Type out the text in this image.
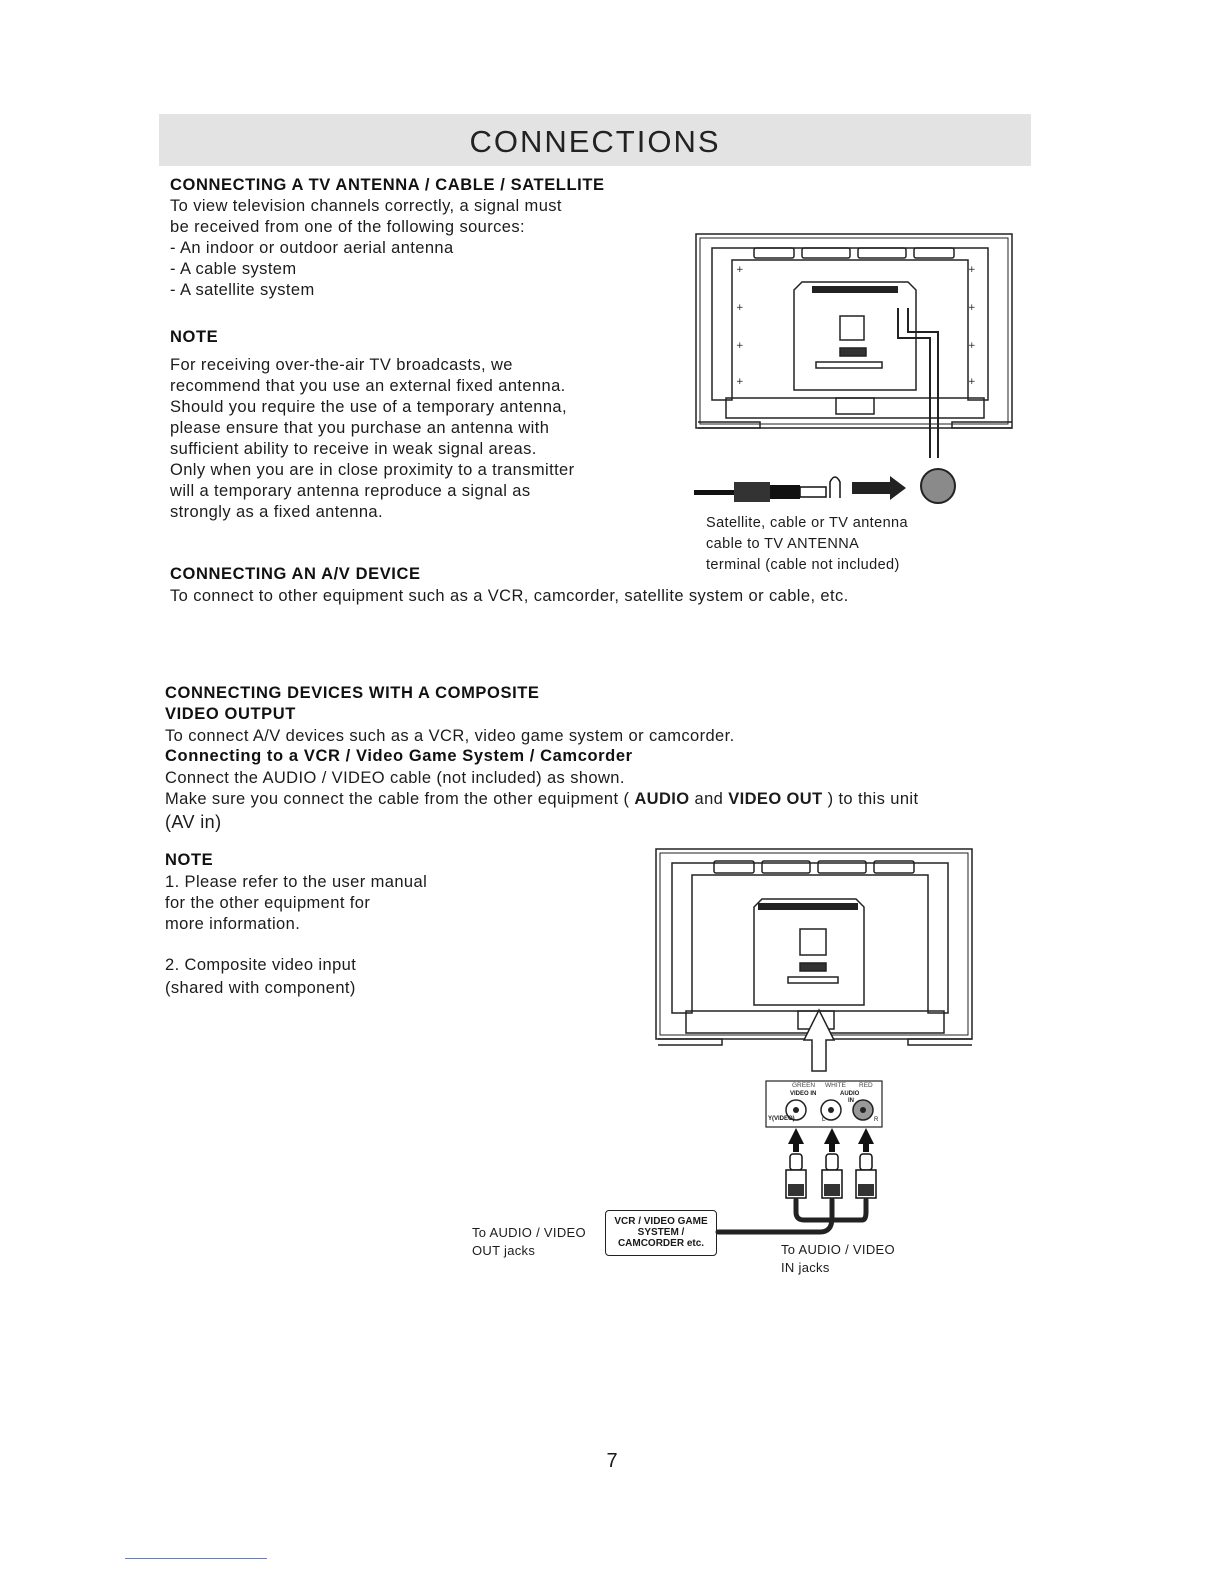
CONNECTIONS
CONNECTING A TV ANTENNA / CABLE / SATELLITE
To view television channels correctly, a signal must
be received from one of the following sources:
- An indoor or outdoor aerial antenna
- A cable system
- A satellite system
NOTE
For receiving over-the-air TV broadcasts, we
recommend that you use an external fixed antenna.
Should you require the use of a temporary antenna,
please ensure that you purchase an antenna with
sufficient ability to receive in weak signal areas.
Only when you are in close proximity to a transmitter
will a temporary antenna reproduce a signal as
strongly as a fixed antenna.
+
+
+
+
+
+
+
+
Satellite, cable or TV antenna
cable to TV ANTENNA
terminal (cable not included)
CONNECTING AN A/V DEVICE
To connect to other equipment such as a VCR, camcorder, satellite system or cable, etc.
CONNECTING DEVICES WITH A COMPOSITE
VIDEO OUTPUT
To connect A/V devices such as a VCR, video game system or camcorder.
Connecting to a VCR / Video Game System / Camcorder
Connect the AUDIO / VIDEO cable (not included) as shown.
Make sure you connect the cable from the other equipment ( AUDIO and VIDEO OUT ) to this unit
(AV in)
NOTE
1. Please refer to the user manual
for the other equipment for
more information.
2. Composite video input
(shared with component)
GREEN WHITE RED
VIDEO IN	AUDIO
IN
Y(VIDEO)	L	R
VCR / VIDEO GAME
SYSTEM /
CAMCORDER etc.
To AUDIO / VIDEO
OUT jacks	To AUDIO / VIDEO
IN jacks
7
